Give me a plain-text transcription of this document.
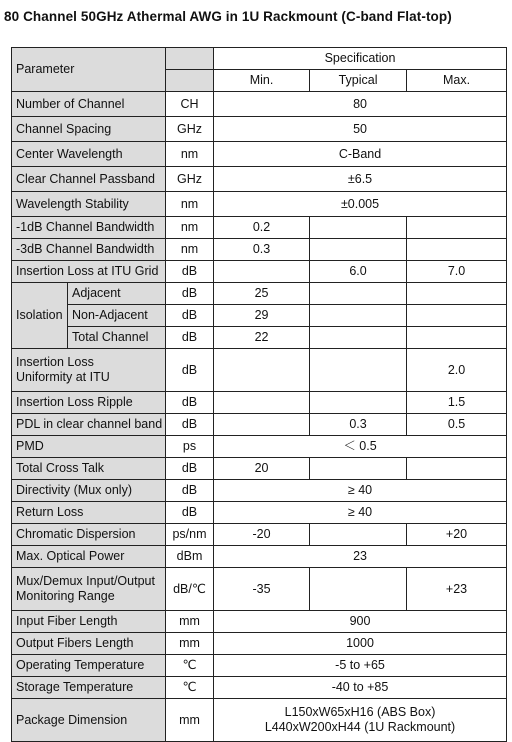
80 Channel 50GHz Athermal AWG in 1U Rackmount (C-band Flat-top)
Parameter			Specification		
			Min.	Typical	Max.
Number of Channel		CH	80		
Channel Spacing		GHz	50		
Center Wavelength		nm	C-Band		
Clear Channel Passband		GHz	±6.5		
Wavelength Stability		nm	±0.005		
-1dB Channel Bandwidth		nm	0.2		
-3dB Channel Bandwidth		nm	0.3		
Insertion Loss at ITU Grid		dB		6.0	7.0
Isolation	Adjacent	dB	25		
	Non-Adjacent	dB	29		
	Total Channel	dB	22		
Insertion Loss
Uniformity at ITU		dB			2.0
Insertion Loss Ripple		dB			1.5
PDL in clear channel band		dB		0.3	0.5
PMD		ps	＜ 0.5		
Total Cross Talk		dB	20		
Directivity (Mux only)		dB	≥ 40		
Return Loss		dB	≥ 40		
Chromatic Dispersion		ps/nm	-20		+20
Max. Optical Power		dBm	23		
Mux/Demux Input/Output
Monitoring Range		dB/℃	-35		+23
Input Fiber Length		mm	900		
Output Fibers Length		mm	1000		
Operating Temperature		℃	-5 to +65		
Storage Temperature		℃	-40 to +85		
Package Dimension		mm	L150xW65xH16 (ABS Box)
L440xW200xH44 (1U Rackmount)		
